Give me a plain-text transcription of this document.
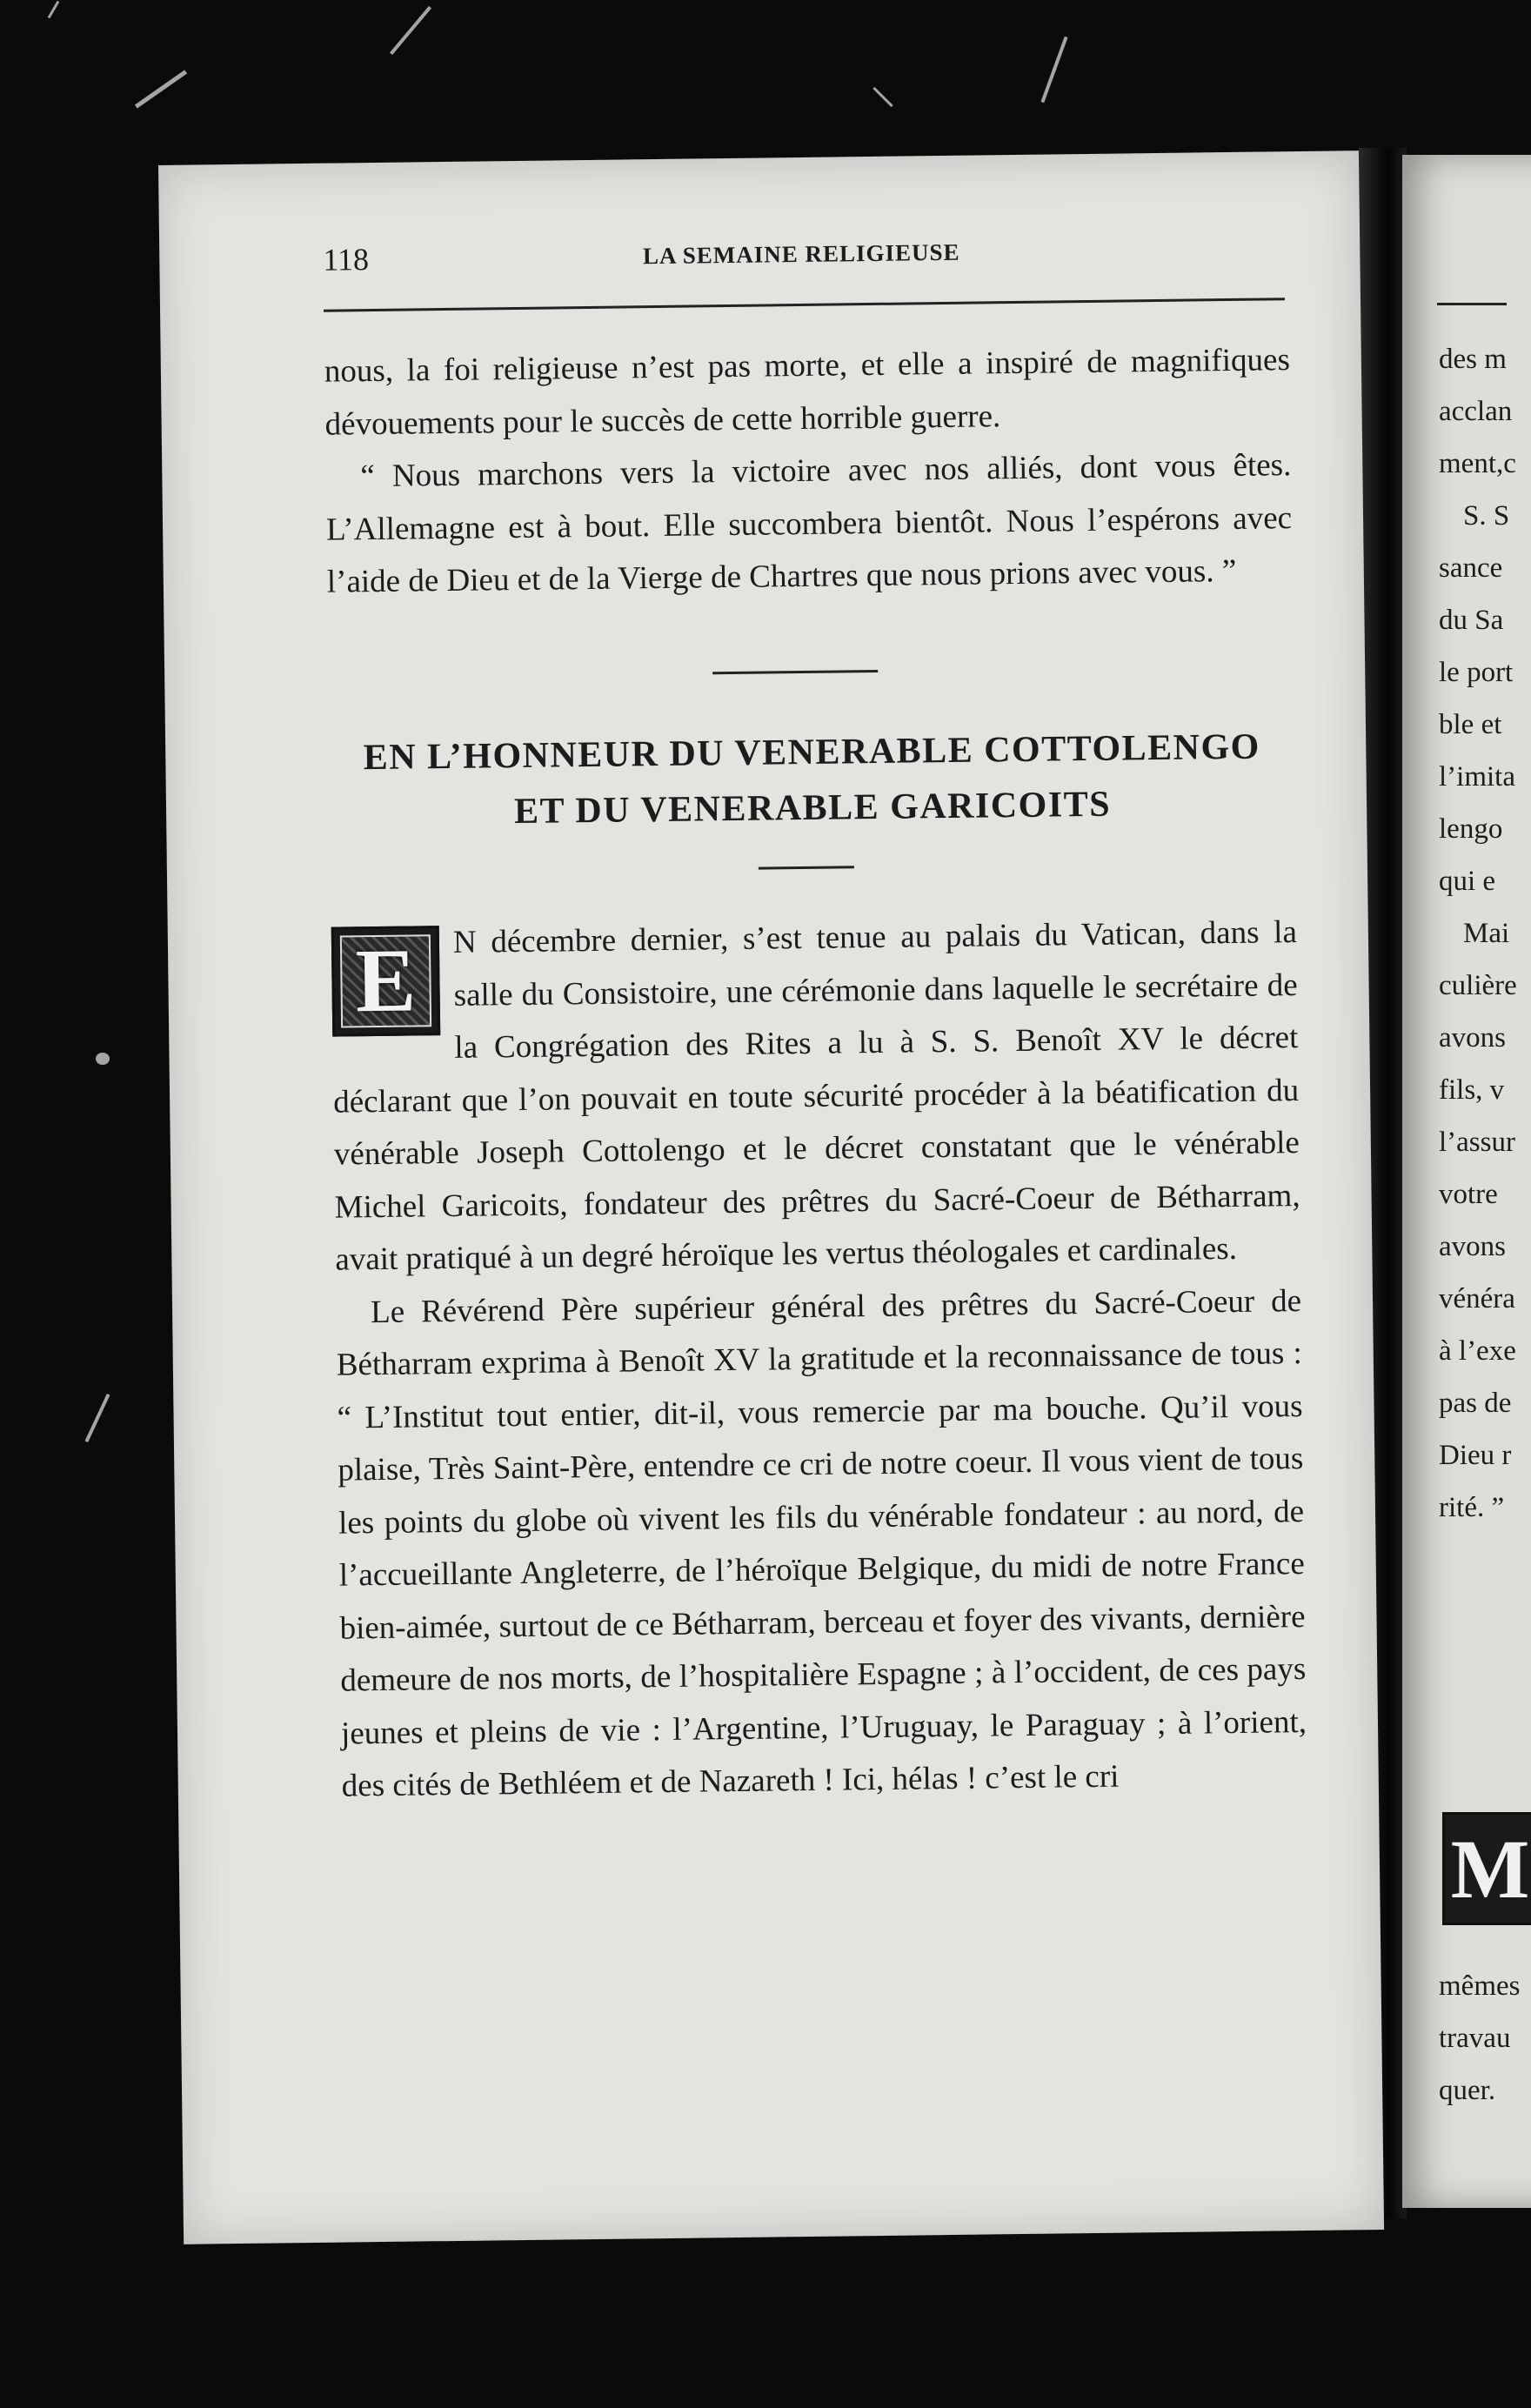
des m
acclan
ment,c
S. S
sance
du Sa
le port
ble et
l’imita
lengo
qui e
Mai
culière
avons
fils, v
l’assur
votre
avons
vénéra
à l’exe
pas de
Dieu r
rité. ”
M
mêmes
travau
quer.
118	LA SEMAINE RELIGIEUSE

nous, la foi religieuse n’est pas morte, et elle a inspiré de magnifiques dévouements pour le succès de cette horrible guerre.

“ Nous marchons vers la victoire avec nos alliés, dont vous êtes. L’Allemagne est à bout. Elle succombera bientôt. Nous l’espérons avec l’aide de Dieu et de la Vierge de Chartres que nous prions avec vous. ”

EN L’HONNEUR DU VENERABLE COTTOLENGO
ET DU VENERABLE GARICOITS
E	N décembre dernier, s’est tenue au palais du Vatican, dans la salle du Consistoire, une cérémonie dans laquelle le secrétaire de la Congrégation des Rites a lu à S. S. Benoît XV le décret déclarant que l’on pouvait en toute sécurité procéder à la béatification du vénérable Joseph Cottolengo et le décret constatant que le vénérable Michel Garicoits, fondateur des prêtres du Sacré-Coeur de Bétharram, avait pratiqué à un degré héroïque les vertus théologales et cardinales.

Le Révérend Père supérieur général des prêtres du Sacré-Coeur de Bétharram exprima à Benoît XV la gratitude et la reconnaissance de tous : “ L’Institut tout entier, dit-il, vous remercie par ma bouche. Qu’il vous plaise, Très Saint-Père, entendre ce cri de notre coeur. Il vous vient de tous les points du globe où vivent les fils du vénérable fondateur : au nord, de l’accueillante Angleterre, de l’héroïque Belgique, du midi de notre France bien-aimée, surtout de ce Bétharram, berceau et foyer des vivants, dernière demeure de nos morts, de l’hospitalière Espagne ; à l’occident, de ces pays jeunes et pleins de vie : l’Argentine, l’Uruguay, le Paraguay ; à l’orient, des cités de Bethléem et de Nazareth ! Ici, hélas ! c’est le cri
